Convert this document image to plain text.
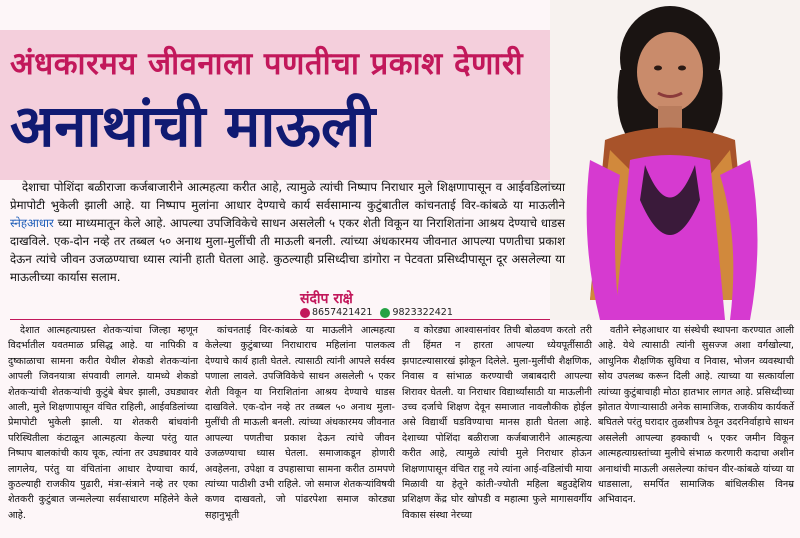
अंधकारमय जीवनाला पणतीचा प्रकाश देणारी
अनाथांची माऊली
देशाचा पोशिंदा बळीराजा कर्जबाजारीने आत्महत्या करीत आहे, त्यामुळे त्यांची निष्पाप निराधार मुले शिक्षणापासून व आईवडिलांच्या प्रेमापोटी भुकेली झाली आहे. या निष्पाप मुलांना आधार देण्याचे कार्य सर्वसामान्य कुटुंबातील कांचनताई विर-कांबळे या माऊलीने स्नेहआधार च्या माध्यमातून केले आहे. आपल्या उपजिविकेचे साधन असलेली ५ एकर शेती विकून या निराशितांना आश्रय देण्याचे धाडस दाखविले. एक-दोन नव्हे तर तब्बल ५० अनाथ मुला-मुलींची ती माऊली बनली. त्यांच्या अंधकारमय जीवनात आपल्या पणतीचा प्रकाश देऊन त्यांचे जीवन उजळण्याचा ध्यास त्यांनी हाती घेतला आहे. कुठल्याही प्रसिध्दीचा डांगोरा न पेटवता प्रसिध्दीपासून दूर असलेल्या या माऊलीच्या कार्यास सलाम.
संदीप राक्षे
8657421421	9823322421

देशात आत्महत्याग्रस्त शेतकऱ्यांचा जिल्हा म्हणून विदर्भातील यवतमाळ प्रसिद्ध आहे. या नापिकी व दुष्काळाचा सामना करीत येथील शेकडो शेतकऱ्यांना आपली जिवनयात्रा संपवावी लागले. यामध्ये शेकडो शेतकऱ्यांची शेतकऱ्यांची कुटुंबे बेघर झाली, उघड्यावर आली, मुले शिक्षणापासून वंचित राहिली, आईवडिलांच्या प्रेमापोटी भुकेली झाली. या शेतकरी बांधवांनी परिस्थितीला कंटाळून आत्महत्या केल्या परंतु यात निष्पाप बालकांची काय चूक, त्यांना तर उघड्यावर यावे लागलेय, परंतु या वंचितांना आधार देण्याचा कार्य, कुठल्याही राजकीय पुढारी, मंत्रा-संत्राने नव्हे तर एका शेतकरी कुटुंबात जन्मलेल्या सर्वसाधारण महिलेने केले आहे.

कांचनताई विर-कांबळे या माऊलीने आत्महत्या केलेल्या कुटुंबाच्या निराधाराच महिलांना पालकत्व देण्याचे कार्य हाती घेतले. त्यासाठी त्यांनी आपले सर्वस्व पणाला लावले. उपजिविकेचे साधन असलेली ५ एकर शेती विकून या निराशितांना आश्रय देण्याचे धाडस दाखविले. एक-दोन नव्हे तर तब्बल ५० अनाथ मुला-मुलींची ती माऊली बनली. त्यांच्या अंधकारमय जीवनात आपल्या पणतीचा प्रकाश देऊन त्यांचे जीवन उजळण्याचा ध्यास घेतला. समाजाकडून होणारी अवहेलना, उपेक्षा व उपहासाचा सामना करीत ठामपणे त्यांच्या पाठीशी उभी राहिले. जो समाज शेतकऱ्यांविषयी कणव दाखवतो, जो पांढरपेशा समाज कोरड्या सहानुभूती

व कोरड्या आश्वासनांवर तिची बोळवण करतो तरी ती हिंमत न हारता आपल्या ध्येयपूर्तीसाठी झपाटल्यासारखं झोकून दिलेले. मुला-मुलींची शैक्षणिक, निवास व सांभाळ करण्याची जबाबदारी आपल्या शिरावर घेतली. या निराधार विद्यार्थ्यांसाठी या माऊलीनी उच्च दर्जाचे शिक्षण देवून समाजात नावलौकीक होईल असे विद्यार्थी घडविण्याचा मानस हाती घेतला आहे. देशाच्या पोशिंदा बळीराजा कर्जबाजारीने आत्महत्या करीत आहे, त्यामुळे त्यांची मुले निराधार होऊन शिक्षणापासून वंचित राहू नये त्यांना आई-वडिलांची माया मिळावी या हेतूने कांती-ज्योती महिला बहुउद्देशिय प्रशिक्षण केंद्र घोर खोपडी व महात्मा फुले मागासवर्गीय विकास संस्था नेरच्या

वतीने स्नेहआधार या संस्थेची स्थापना करण्यात आली आहे. येथे त्यासाठी त्यांनी सुसज्ज अशा वर्गखोल्या, आधुनिक शैक्षणिक सुविधा व निवास, भोजन व्यवस्थाची सोय उपलब्ध करून दिली आहे. त्याच्या या सत्कार्याला त्यांच्या कुटुंबाचाही मोठा हातभार लागत आहे. प्रसिध्दीच्या झोतात येणाऱ्यासाठी अनेक सामाजिक, राजकीय कार्यकर्ते बघितले परंतु घरादार तुळशीपत्र ठेवून उदरनिर्वाहाचे साधन असलेली आपल्या हक्काची ५ एकर जमीन विकून आत्महत्याग्रस्तांच्या मुलीचे संभाळ करणारी कदाचा अशीन अनाथांची माऊली असलेल्या कांचन वीर-कांबळे यांच्या या धाडसाला, समर्पित सामाजिक बांधिलकीस विनम्र अभिवादन.
